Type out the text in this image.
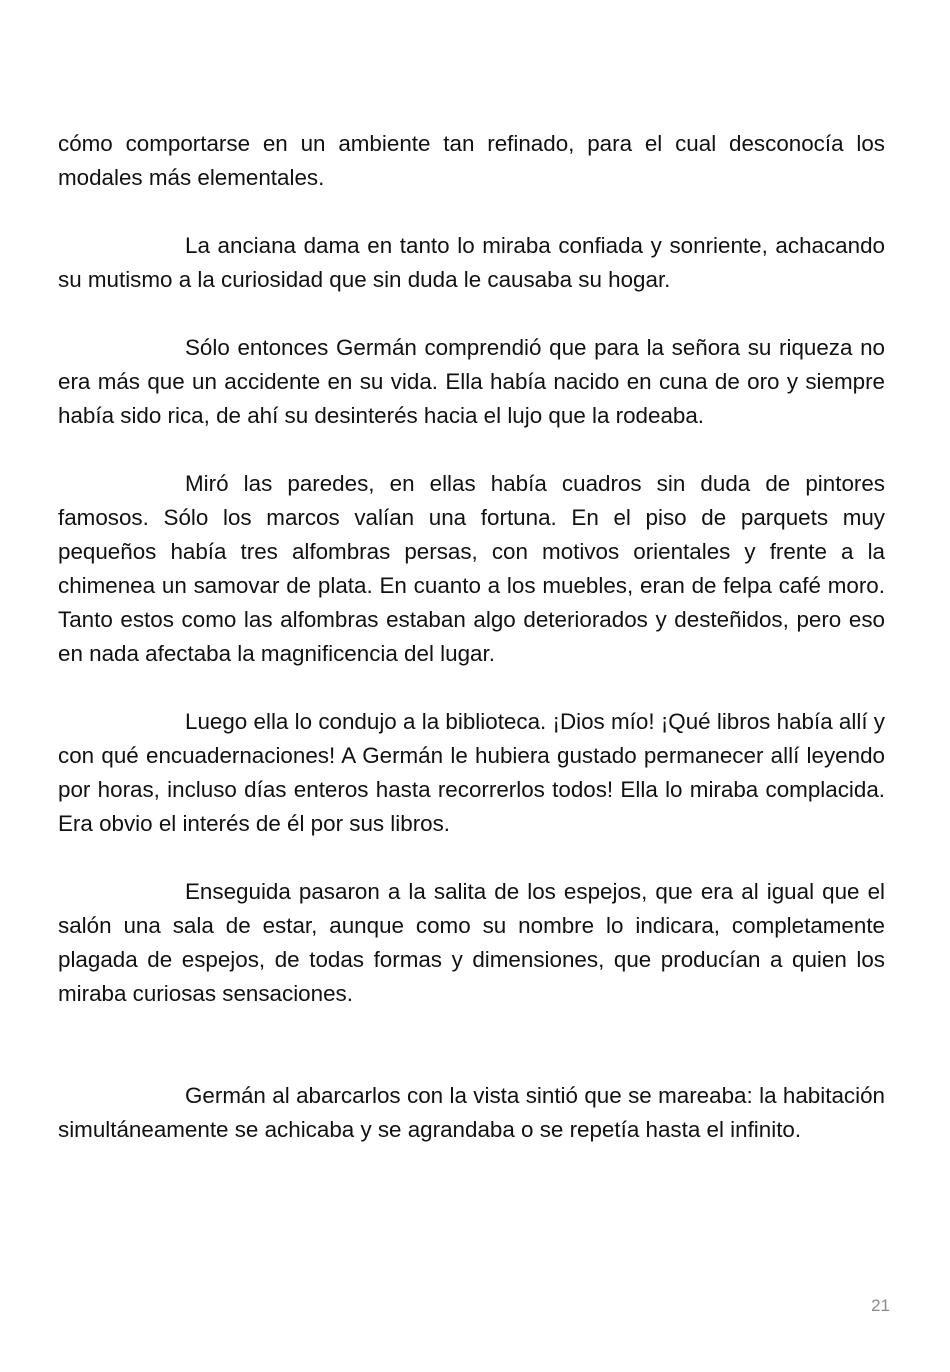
cómo comportarse en un ambiente tan refinado, para el cual desconocía los modales más elementales.

La anciana dama en tanto lo miraba confiada y sonriente, achacando su mutismo a la curiosidad que sin duda le causaba su hogar.

Sólo entonces Germán comprendió que para la señora su riqueza no era más que un accidente en su vida. Ella había nacido en cuna de oro y siempre había sido rica, de ahí su desinterés hacia el lujo que la rodeaba.

Miró las paredes, en ellas había cuadros sin duda de pintores famosos. Sólo los marcos valían una fortuna. En el piso de parquets muy pequeños había tres alfombras persas, con motivos orientales y frente a la chimenea un samovar de plata. En cuanto a los muebles, eran de felpa café moro. Tanto estos como las alfombras estaban algo deteriorados y desteñidos, pero eso en nada afectaba la magnificencia del lugar.

Luego ella lo condujo a la biblioteca. ¡Dios mío! ¡Qué libros había allí y con qué encuadernaciones! A Germán le hubiera gustado permanecer allí leyendo por horas, incluso días enteros hasta recorrerlos todos! Ella lo miraba complacida. Era obvio el interés de él por sus libros.

Enseguida pasaron a la salita de los espejos, que era al igual que el salón una sala de estar, aunque como su nombre lo indicara, completamente plagada de espejos, de todas formas y dimensiones, que producían a quien los miraba curiosas sensaciones.

Germán al abarcarlos con la vista sintió que se mareaba: la habitación simultáneamente se achicaba y se agrandaba o se repetía hasta el infinito.

21
